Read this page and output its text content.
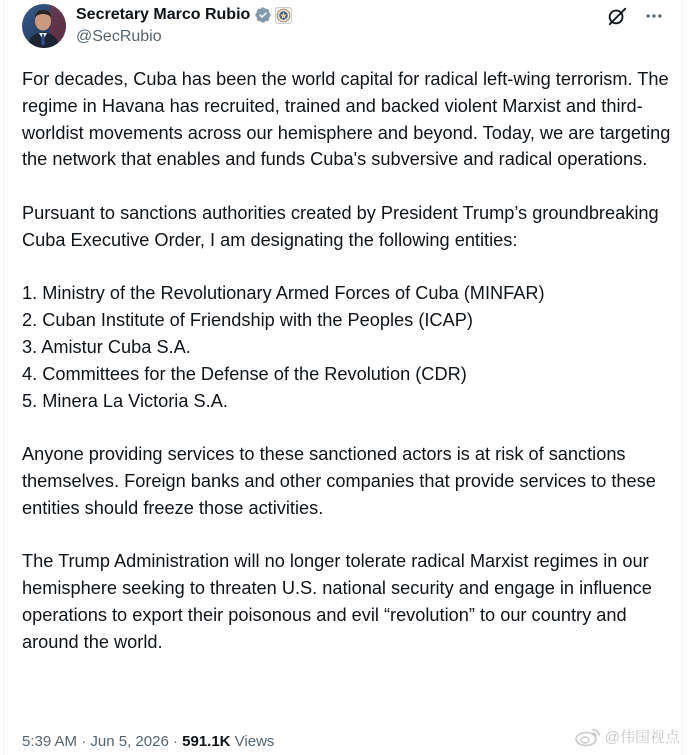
Secretary Marco Rubio
@SecRubio

For decades, Cuba has been the world capital for radical left-wing terrorism. The regime in Havana has recruited, trained and backed violent Marxist and third-worldist movements across our hemisphere and beyond. Today, we are targeting the network that enables and funds Cuba's subversive and radical operations.

Pursuant to sanctions authorities created by President Trump’s groundbreaking Cuba Executive Order, I am designating the following entities:

1. Ministry of the Revolutionary Armed Forces of Cuba (MINFAR)

2. Cuban Institute of Friendship with the Peoples (ICAP)

3. Amistur Cuba S.A.

4. Committees for the Defense of the Revolution (CDR)

5. Minera La Victoria S.A.

Anyone providing services to these sanctioned actors is at risk of sanctions themselves. Foreign banks and other companies that provide services to these entities should freeze those activities.

The Trump Administration will no longer tolerate radical Marxist regimes in our hemisphere seeking to threaten U.S. national security and engage in influence operations to export their poisonous and evil “revolution” to our country and around the world.

5:39 AM · Jun 5, 2026 · 591.1K Views	@伟国视点
